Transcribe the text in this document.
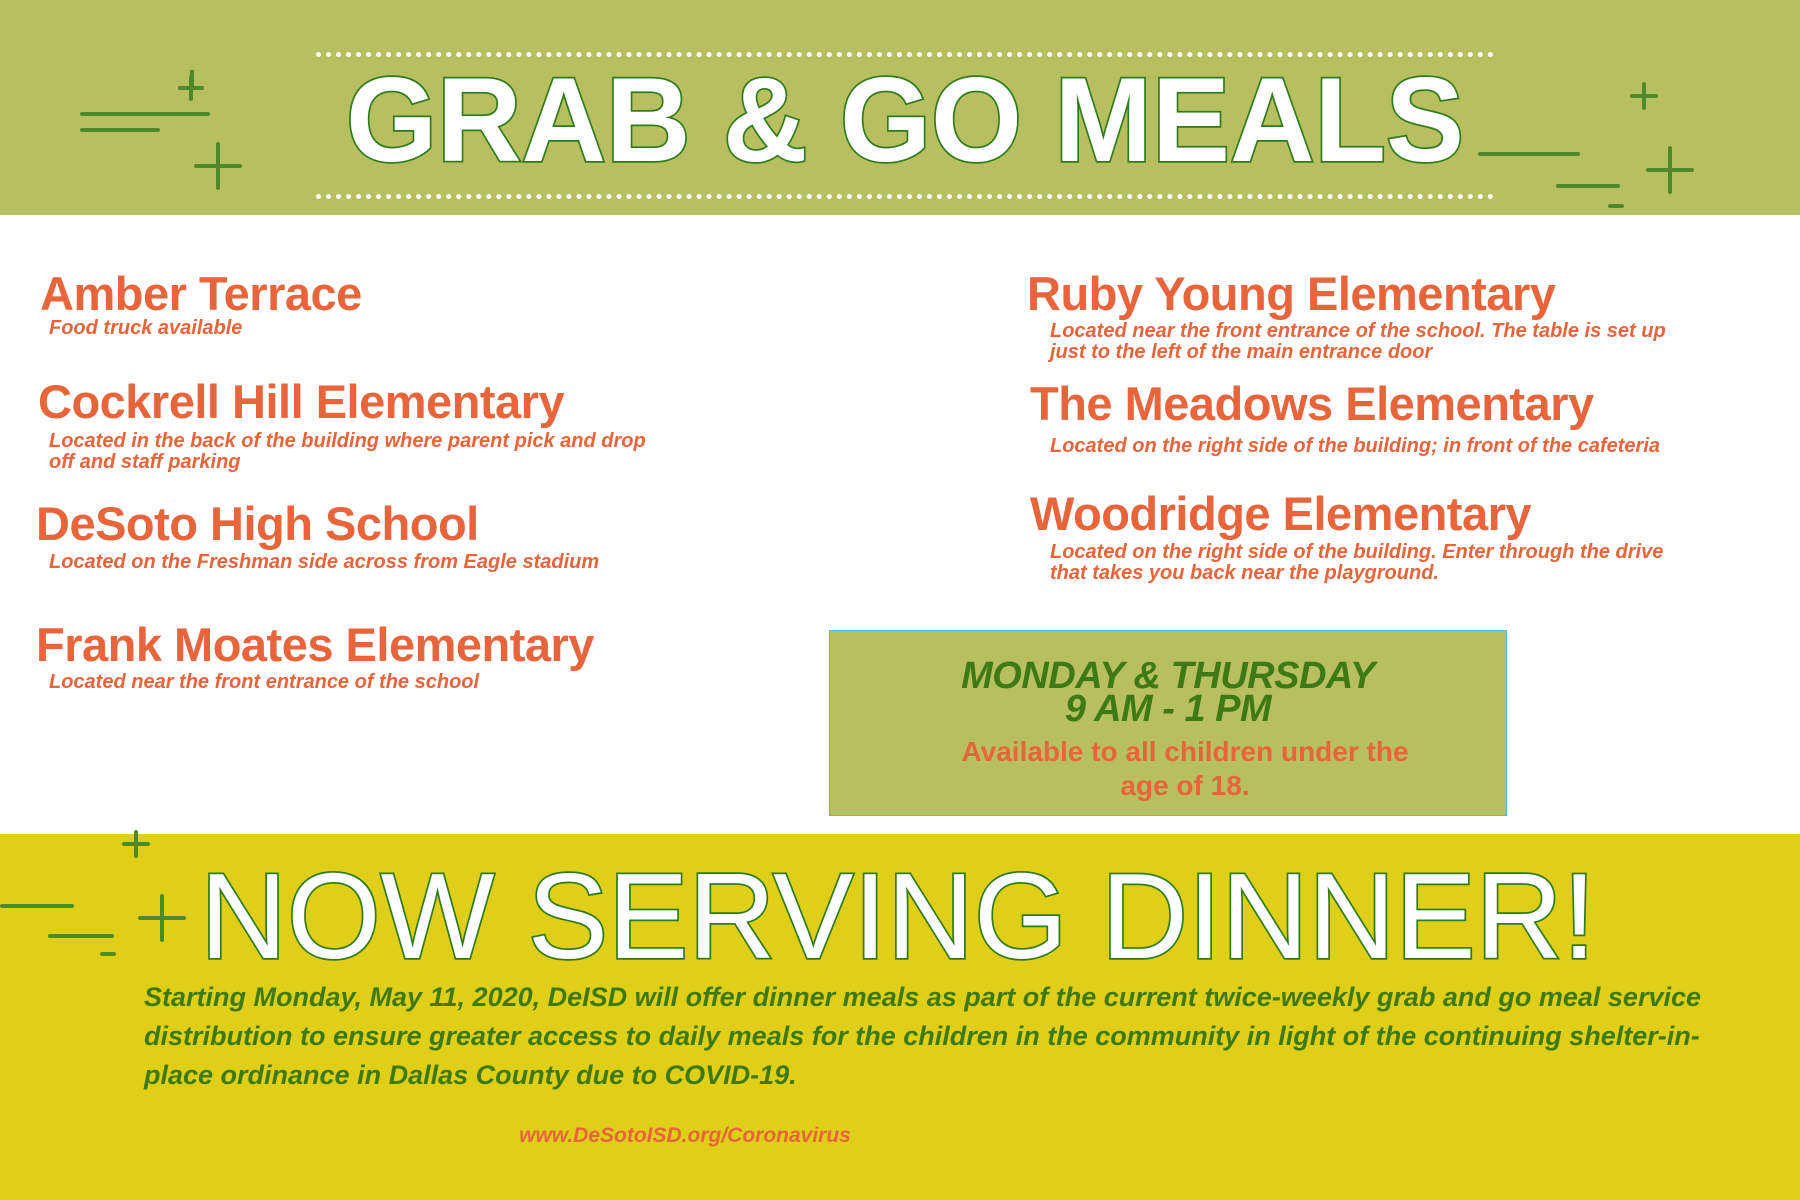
GRAB & GO MEALS
Amber Terrace
Food truck available
Cockrell Hill Elementary
Located in the back of the building where parent pick and drop off and staff parking
DeSoto High School
Located on the Freshman side across from Eagle stadium
Frank Moates Elementary
Located near the front entrance of the school
Ruby Young Elementary
Located near the front entrance of the school. The table is set up just to the left of the main entrance door
The Meadows Elementary
Located on the right side of the building; in front of the cafeteria
Woodridge Elementary
Located on the right side of the building. Enter through the drive that takes you back near the playground.
MONDAY & THURSDAY
9 AM - 1 PM
Available to all children under the age of 18.
NOW SERVING DINNER!
Starting Monday, May 11, 2020, DeISD will offer dinner meals as part of the current twice-weekly grab and go meal service distribution to ensure greater access to daily meals for the children in the community in light of the continuing shelter-in-place ordinance in Dallas County due to COVID-19.
www.DeSotoISD.org/Coronavirus
